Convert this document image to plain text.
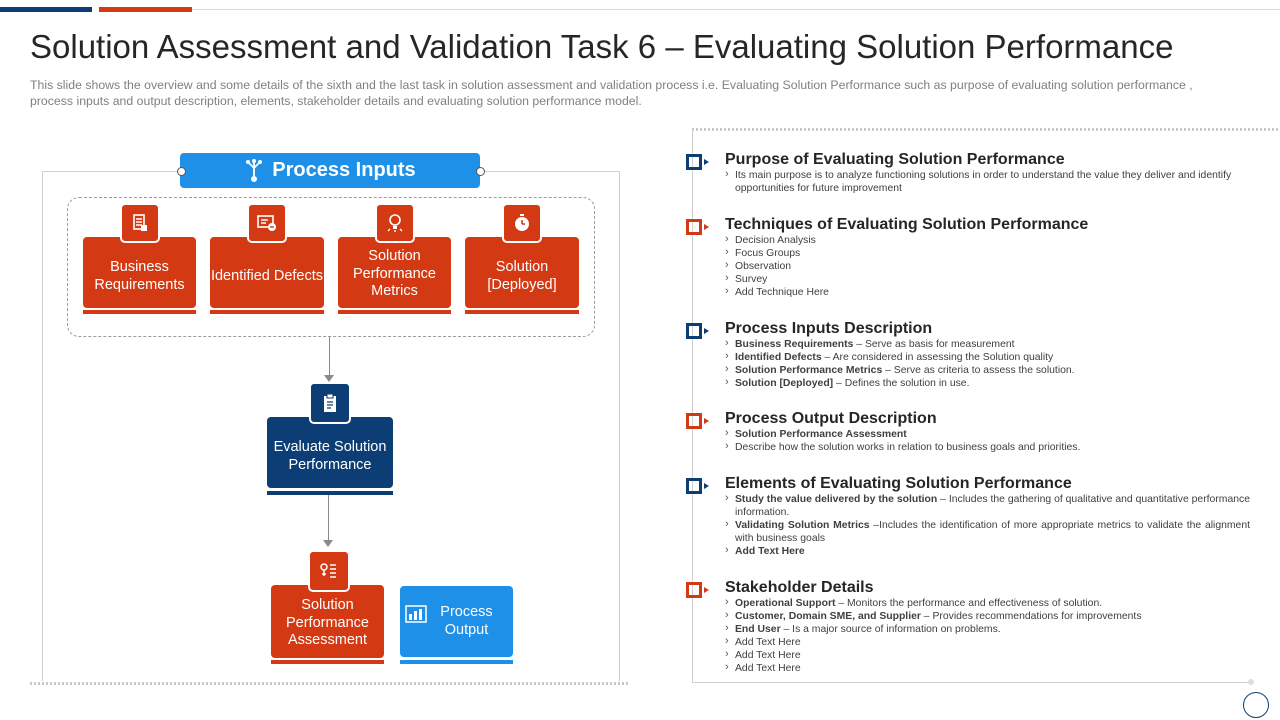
Solution Assessment and Validation Task 6 – Evaluating Solution Performance

This slide shows the overview and some details of the sixth and the last task in solution assessment and validation process i.e. Evaluating Solution Performance such as purpose of evaluating solution performance , process inputs and output description, elements, stakeholder details and evaluating solution performance model.

Process Inputs
Business Requirements
Identified Defects
Solution Performance Metrics
Solution [Deployed]
Evaluate Solution Performance
Solution Performance Assessment
Process Output
Purpose of Evaluating Solution Performance
› Its main purpose is to analyze functioning solutions in order to understand the value they deliver and identify opportunities for future improvement
Techniques of Evaluating Solution Performance
› Decision Analysis
› Focus Groups
› Observation
› Survey
› Add Technique Here
Process Inputs Description
› Business Requirements – Serve as basis for measurement
› Identified Defects – Are considered in assessing the Solution quality
› Solution Performance Metrics – Serve as criteria to assess the solution.
› Solution [Deployed] – Defines the solution in use.
Process Output Description
› Solution Performance Assessment
› Describe how the solution works in relation to business goals and priorities.
Elements of Evaluating Solution Performance
› Study the value delivered by the solution – Includes the gathering of qualitative and quantitative performance information.
› Validating Solution Metrics –Includes the identification of more appropriate metrics to validate the alignment with business goals
› Add Text Here
Stakeholder Details
› Operational Support – Monitors the performance and effectiveness of solution.
› Customer, Domain SME, and Supplier – Provides recommendations for improvements
› End User – Is a major source of information on problems.
› Add Text Here
› Add Text Here
› Add Text Here
